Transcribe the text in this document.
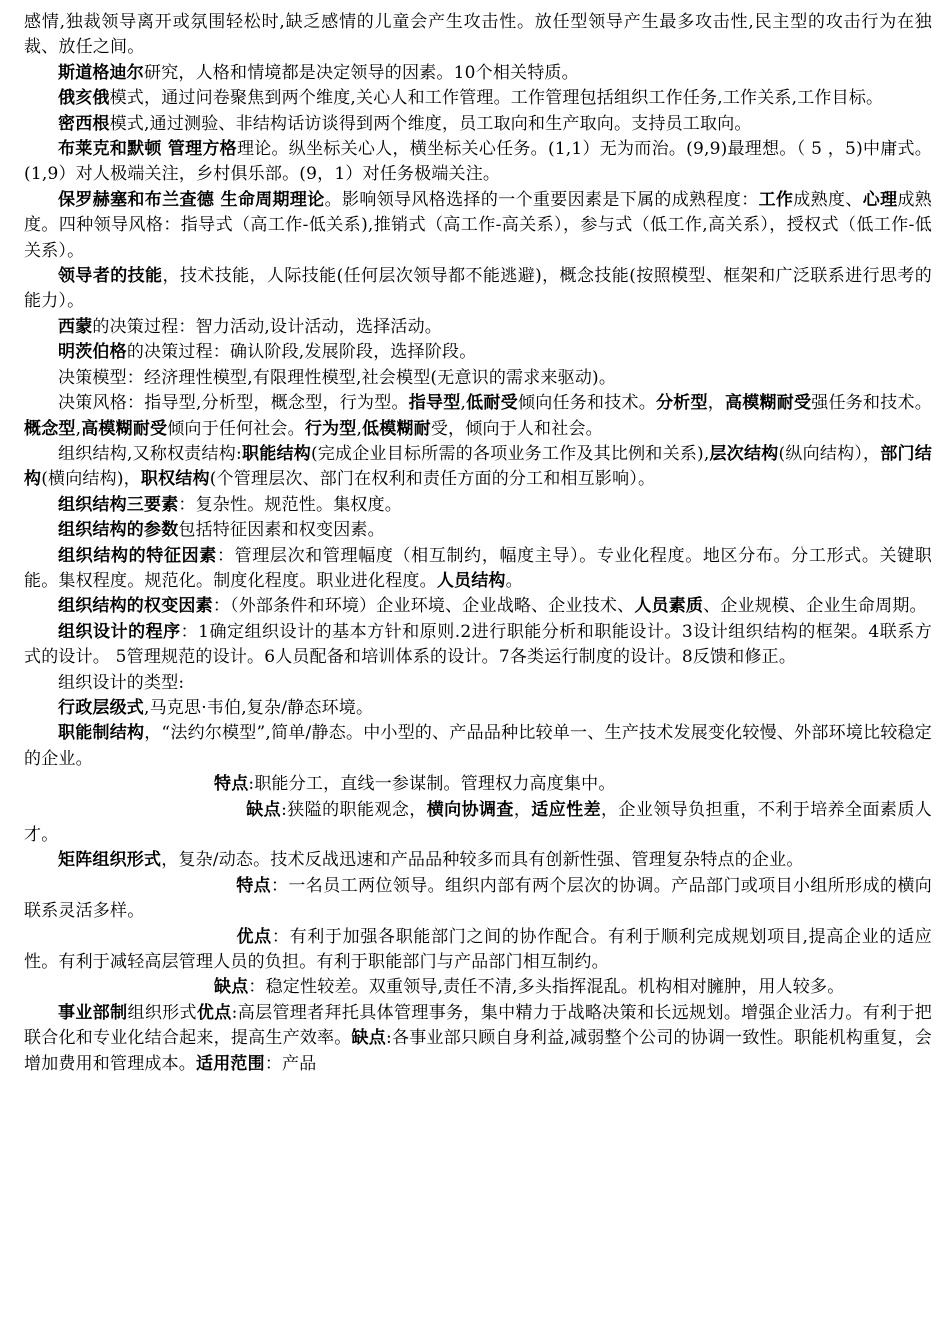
感情,独裁领导离开或氛围轻松时,缺乏感情的儿童会产生攻击性。放任型领导产生最多攻击性,民主型的攻击行为在独裁、放任之间。

斯道格迪尔研究，人格和情境都是决定领导的因素。10个相关特质。

俄亥俄模式，通过问卷聚焦到两个维度,关心人和工作管理。工作管理包括组织工作任务,工作关系,工作目标。

密西根模式,通过测验、非结构话访谈得到两个维度，员工取向和生产取向。支持员工取向。

布莱克和默顿 管理方格理论。纵坐标关心人，横坐标关心任务。(1,1）无为而治。(9,9)最理想。（ 5 ，5)中庸式。(1,9）对人极端关注，乡村俱乐部。(9，1）对任务极端关注。

保罗赫塞和布兰查德 生命周期理论。影响领导风格选择的一个重要因素是下属的成熟程度：工作成熟度、心理成熟度。四种领导风格：指导式（高工作-低关系),推销式（高工作-高关系），参与式（低工作,高关系），授权式（低工作-低关系）。

领导者的技能，技术技能，人际技能(任何层次领导都不能逃避)，概念技能(按照模型、框架和广泛联系进行思考的能力）。

西蒙的决策过程：智力活动,设计活动，选择活动。

明茨伯格的决策过程：确认阶段,发展阶段，选择阶段。

决策模型：经济理性模型,有限理性模型,社会模型(无意识的需求来驱动)。

决策风格：指导型,分析型，概念型，行为型。指导型,低耐受倾向任务和技术。分析型，高模糊耐受强任务和技术。概念型,高模糊耐受倾向于任何社会。行为型,低模糊耐受，倾向于人和社会。

组织结构,又称权责结构:职能结构(完成企业目标所需的各项业务工作及其比例和关系),层次结构(纵向结构），部门结构(横向结构)，职权结构(个管理层次、部门在权利和责任方面的分工和相互影响）。

组织结构三要素：复杂性。规范性。集权度。

组织结构的参数包括特征因素和权变因素。

组织结构的特征因素：管理层次和管理幅度（相互制约，幅度主导）。专业化程度。地区分布。分工形式。关键职能。集权程度。规范化。制度化程度。职业进化程度。人员结构。

组织结构的权变因素：（外部条件和环境）企业环境、企业战略、企业技术、人员素质、企业规模、企业生命周期。

组织设计的程序：1确定组织设计的基本方针和原则.2进行职能分析和职能设计。3设计组织结构的框架。4联系方式的设计。 5管理规范的设计。6人员配备和培训体系的设计。7各类运行制度的设计。8反馈和修正。

组织设计的类型:

行政层级式,马克思·韦伯,复杂/静态环境。

职能制结构，“法约尔模型”,简单/静态。中小型的、产品品种比较单一、生产技术发展变化较慢、外部环境比较稳定的企业。

特点:职能分工，直线一参谋制。管理权力高度集中。

缺点:狭隘的职能观念，横向协调查，适应性差，企业领导负担重，不利于培养全面素质人才。

矩阵组织形式，复杂/动态。技术反战迅速和产品品种较多而具有创新性强、管理复杂特点的企业。

特点：一名员工两位领导。组织内部有两个层次的协调。产品部门或项目小组所形成的横向联系灵活多样。

优点：有利于加强各职能部门之间的协作配合。有利于顺利完成规划项目,提高企业的适应性。有利于减轻高层管理人员的负担。有利于职能部门与产品部门相互制约。

缺点：稳定性较差。双重领导,责任不清,多头指挥混乱。机构相对臃肿，用人较多。

事业部制组织形式优点:高层管理者拜托具体管理事务，集中精力于战略决策和长远规划。增强企业活力。有利于把联合化和专业化结合起来，提高生产效率。缺点:各事业部只顾自身利益,减弱整个公司的协调一致性。职能机构重复，会增加费用和管理成本。适用范围：产品
